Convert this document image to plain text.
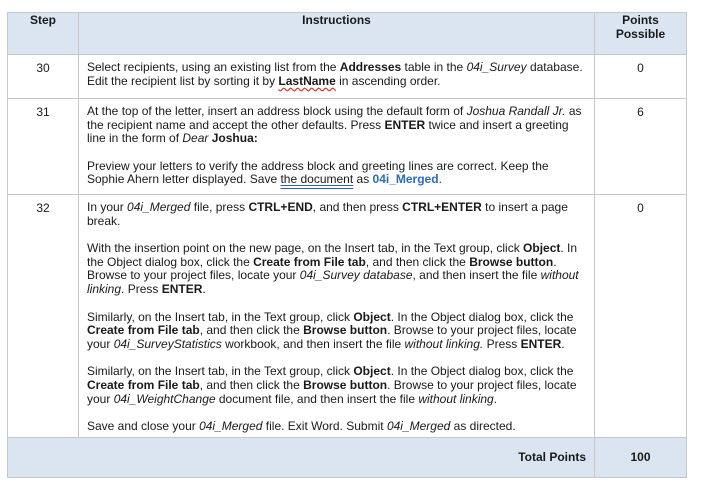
Step	Instructions	Points Possible
30	Select recipients, using an existing list from the Addresses table in the 04i_Survey database. Edit the recipient list by sorting it by LastName in ascending order.	0
31	At the top of the letter, insert an address block using the default form of Joshua Randall Jr. as the recipient name and accept the other defaults. Press ENTER twice and insert a greeting line in the form of Dear Joshua:

Preview your letters to verify the address block and greeting lines are correct. Keep the Sophie Ahern letter displayed. Save the document as 04i_Merged.	6
32	In your 04i_Merged file, press CTRL+END, and then press CTRL+ENTER to insert a page break.

With the insertion point on the new page, on the Insert tab, in the Text group, click Object. In the Object dialog box, click the Create from File tab, and then click the Browse button. Browse to your project files, locate your 04i_Survey database, and then insert the file without linking. Press ENTER.

Similarly, on the Insert tab, in the Text group, click Object. In the Object dialog box, click the Create from File tab, and then click the Browse button. Browse to your project files, locate your 04i_SurveyStatistics workbook, and then insert the file without linking. Press ENTER.

Similarly, on the Insert tab, in the Text group, click Object. In the Object dialog box, click the Create from File tab, and then click the Browse button. Browse to your project files, locate your 04i_WeightChange document file, and then insert the file without linking.

Save and close your 04i_Merged file. Exit Word. Submit 04i_Merged as directed.	0
Total Points		100
